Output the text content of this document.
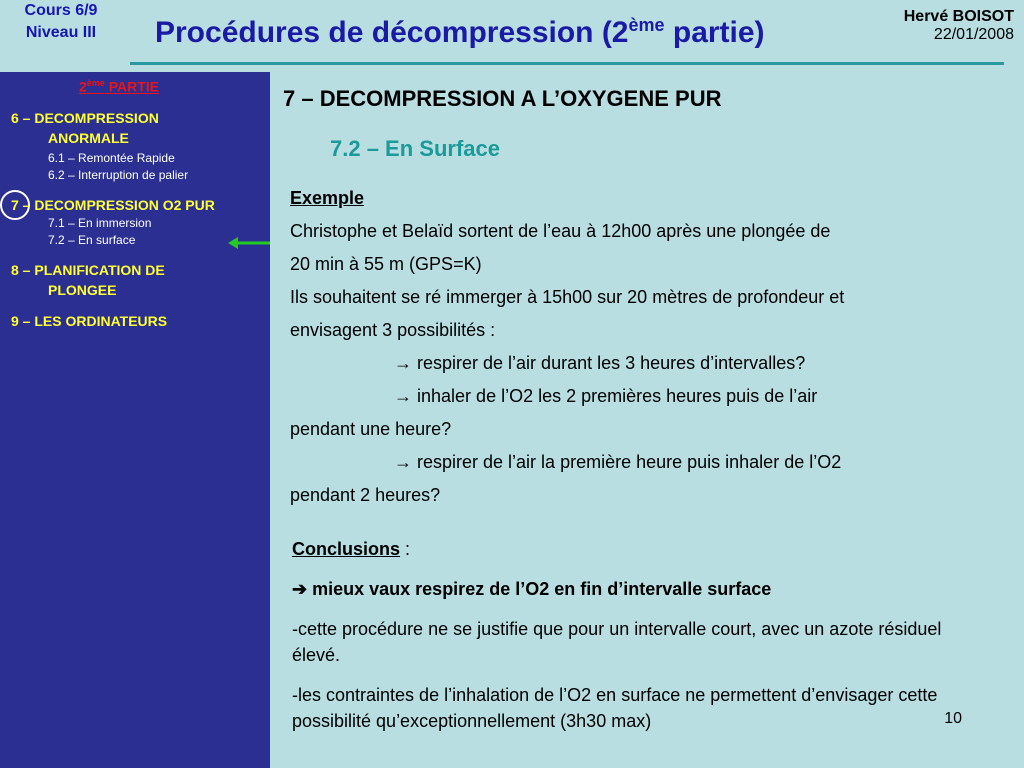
Cours 6/9
Niveau III	Procédures de décompression (2ème partie)	Hervé BOISOT
22/01/2008
2ème PARTIE
6 – DECOMPRESSION
ANORMALE
6.1 – Remontée Rapide
6.2 – Interruption de palier
7 – DECOMPRESSION O2 PUR
7.1 – En immersion
7.2 – En surface
8 – PLANIFICATION DE
PLONGEE
9 – LES ORDINATEURS
7 – DECOMPRESSION A L’OXYGENE PUR
7.2 – En Surface
Exemple
Christophe et Belaïd sortent de l’eau à 12h00 après une plongée de
20 min à 55 m (GPS=K)
Ils souhaitent se ré immerger à 15h00 sur 20 mètres de profondeur et
envisagent 3 possibilités :
→ respirer de l’air durant les 3 heures d’intervalles?
→ inhaler de l’O2 les 2 premières heures puis de l’air
pendant une heure?
→ respirer de l’air la première heure puis inhaler de l’O2
pendant 2 heures?
Conclusions :
➔ mieux vaux respirez de l’O2 en fin d’intervalle surface
-cette procédure ne se justifie que pour un intervalle court, avec un azote résiduel élevé.
-les contraintes de l’inhalation de l’O2 en surface ne permettent d’envisager cette possibilité qu’exceptionnellement (3h30 max)	10
